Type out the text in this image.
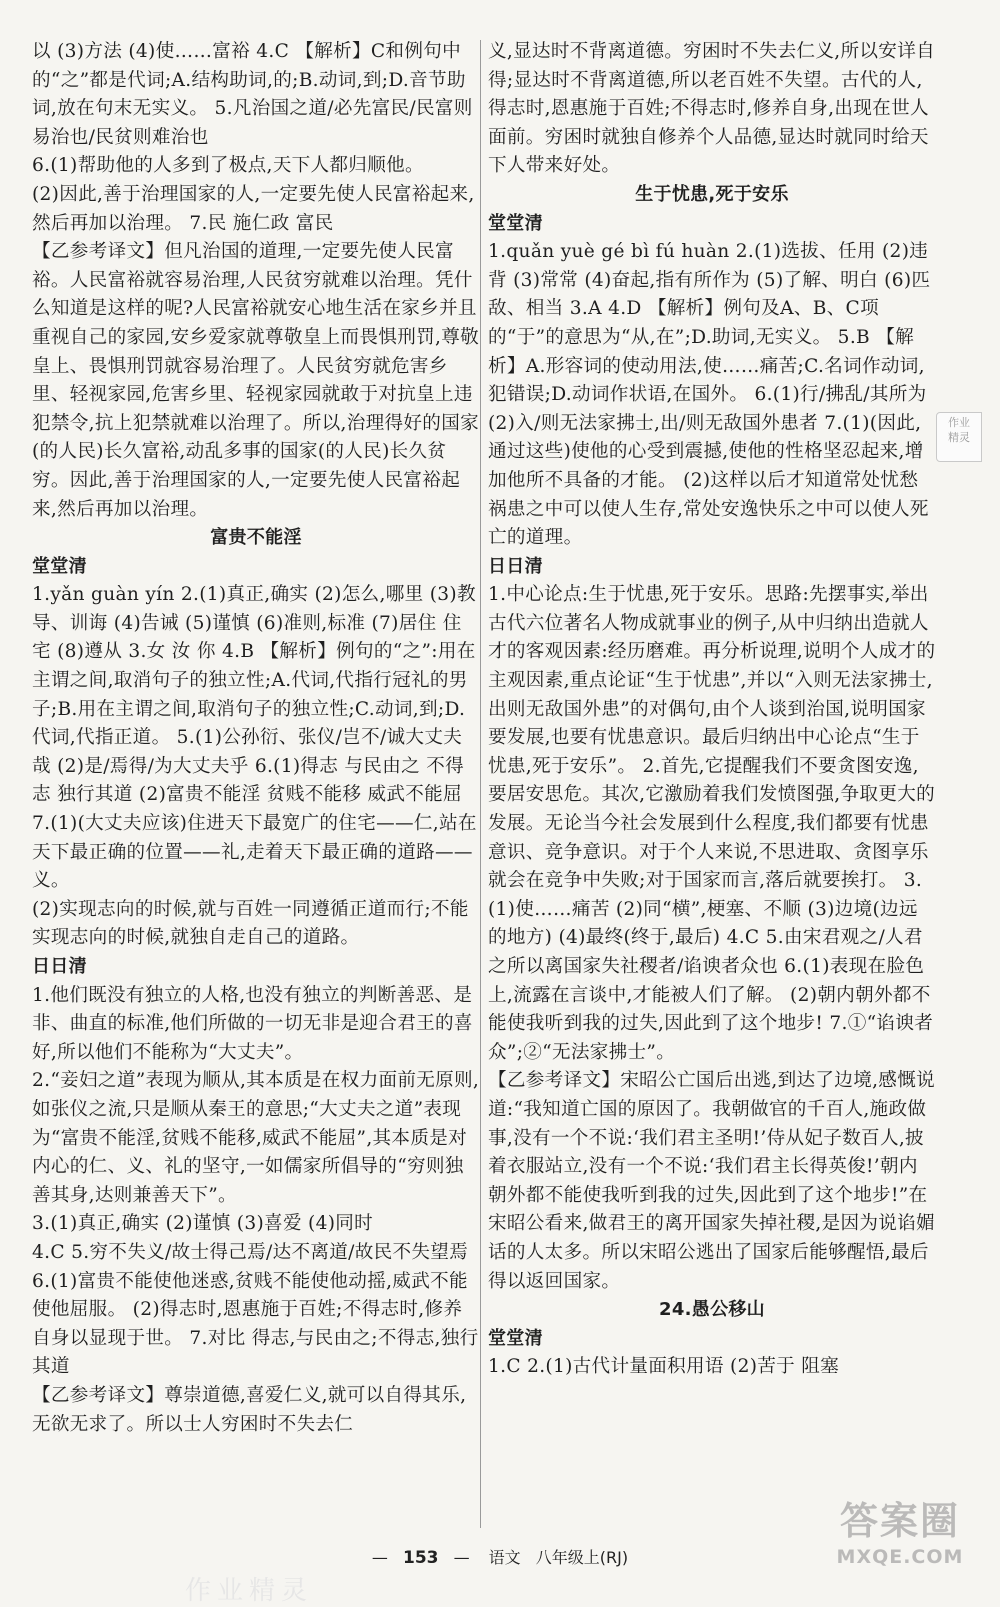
以 (3)方法 (4)使……富裕 4.C 【解析】C和例句中的“之”都是代词;A.结构助词,的;B.动词,到;D.音节助词,放在句末无实义。 5.凡治国之道/必先富民/民富则易治也/民贫则难治也

6.(1)帮助他的人多到了极点,天下人都归顺他。

(2)因此,善于治理国家的人,一定要先使人民富裕起来,然后再加以治理。 7.民 施仁政 富民

【乙参考译文】但凡治国的道理,一定要先使人民富裕。人民富裕就容易治理,人民贫穷就难以治理。凭什么知道是这样的呢?人民富裕就安心地生活在家乡并且重视自己的家园,安乡爱家就尊敬皇上而畏惧刑罚,尊敬皇上、畏惧刑罚就容易治理了。人民贫穷就危害乡里、轻视家园,危害乡里、轻视家园就敢于对抗皇上违犯禁令,抗上犯禁就难以治理了。所以,治理得好的国家(的人民)长久富裕,动乱多事的国家(的人民)长久贫穷。因此,善于治理国家的人,一定要先使人民富裕起来,然后再加以治理。

富贵不能淫

堂堂清

1.yǎn guàn yín 2.(1)真正,确实 (2)怎么,哪里 (3)教导、训诲 (4)告诫 (5)谨慎 (6)准则,标准 (7)居住 住宅 (8)遵从 3.女 汝 你 4.B 【解析】例句的“之”:用在主谓之间,取消句子的独立性;A.代词,代指行冠礼的男子;B.用在主谓之间,取消句子的独立性;C.动词,到;D.代词,代指正道。 5.(1)公孙衍、张仪/岂不/诚大丈夫哉 (2)是/焉得/为大丈夫乎 6.(1)得志 与民由之 不得志 独行其道 (2)富贵不能淫 贫贱不能移 威武不能屈 7.(1)(大丈夫应该)住进天下最宽广的住宅——仁,站在天下最正确的位置——礼,走着天下最正确的道路——义。

(2)实现志向的时候,就与百姓一同遵循正道而行;不能实现志向的时候,就独自走自己的道路。

日日清

1.他们既没有独立的人格,也没有独立的判断善恶、是非、曲直的标准,他们所做的一切无非是迎合君王的喜好,所以他们不能称为“大丈夫”。

2.“妾妇之道”表现为顺从,其本质是在权力面前无原则,如张仪之流,只是顺从秦王的意思;“大丈夫之道”表现为“富贵不能淫,贫贱不能移,威武不能屈”,其本质是对内心的仁、义、礼的坚守,一如儒家所倡导的“穷则独善其身,达则兼善天下”。

3.(1)真正,确实 (2)谨慎 (3)喜爱 (4)同时

4.C 5.穷不失义/故士得己焉/达不离道/故民不失望焉 6.(1)富贵不能使他迷惑,贫贱不能使他动摇,威武不能使他屈服。 (2)得志时,恩惠施于百姓;不得志时,修养自身以显现于世。 7.对比 得志,与民由之;不得志,独行其道

【乙参考译文】尊崇道德,喜爱仁义,就可以自得其乐,无欲无求了。所以士人穷困时不失去仁

义,显达时不背离道德。穷困时不失去仁义,所以安详自得;显达时不背离道德,所以老百姓不失望。古代的人,得志时,恩惠施于百姓;不得志时,修养自身,出现在世人面前。穷困时就独自修养个人品德,显达时就同时给天下人带来好处。

生于忧患,死于安乐

堂堂清

1.quǎn yuè gé bì fú huàn 2.(1)选拔、任用 (2)违背 (3)常常 (4)奋起,指有所作为 (5)了解、明白 (6)匹敌、相当 3.A 4.D 【解析】例句及A、B、C项的“于”的意思为“从,在”;D.助词,无实义。 5.B 【解析】A.形容词的使动用法,使……痛苦;C.名词作动词,犯错误;D.动词作状语,在国外。 6.(1)行/拂乱/其所为 (2)入/则无法家拂士,出/则无敌国外患者 7.(1)(因此,通过这些)使他的心受到震撼,使他的性格坚忍起来,增加他所不具备的才能。 (2)这样以后才知道常处忧愁祸患之中可以使人生存,常处安逸快乐之中可以使人死亡的道理。

日日清

1.中心论点:生于忧患,死于安乐。思路:先摆事实,举出古代六位著名人物成就事业的例子,从中归纳出造就人才的客观因素:经历磨难。再分析说理,说明个人成才的主观因素,重点论证“生于忧患”,并以“入则无法家拂士,出则无敌国外患”的对偶句,由个人谈到治国,说明国家要发展,也要有忧患意识。最后归纳出中心论点“生于忧患,死于安乐”。 2.首先,它提醒我们不要贪图安逸,要居安思危。其次,它激励着我们发愤图强,争取更大的发展。无论当今社会发展到什么程度,我们都要有忧患意识、竞争意识。对于个人来说,不思进取、贪图享乐就会在竞争中失败;对于国家而言,落后就要挨打。 3.(1)使……痛苦 (2)同“横”,梗塞、不顺 (3)边境(边远的地方) (4)最终(终于,最后) 4.C 5.由宋君观之/人君之所以离国家失社稷者/谄谀者众也 6.(1)表现在脸色上,流露在言谈中,才能被人们了解。 (2)朝内朝外都不能使我听到我的过失,因此到了这个地步! 7.①“谄谀者众”;②“无法家拂士”。

【乙参考译文】宋昭公亡国后出逃,到达了边境,感慨说道:“我知道亡国的原因了。我朝做官的千百人,施政做事,没有一个不说:‘我们君主圣明!’侍从妃子数百人,披着衣服站立,没有一个不说:‘我们君主长得英俊!’朝内朝外都不能使我听到我的过失,因此到了这个地步!”在宋昭公看来,做君王的离开国家失掉社稷,是因为说谄媚话的人太多。所以宋昭公逃出了国家后能够醒悟,最后得以返回国家。

24.愚公移山

堂堂清

1.C 2.(1)古代计量面积用语 (2)苦于 阻塞

作业
精灵
— 153 — 语文 八年级上(RJ)
作业精灵
答案圈
MXQE.COM
